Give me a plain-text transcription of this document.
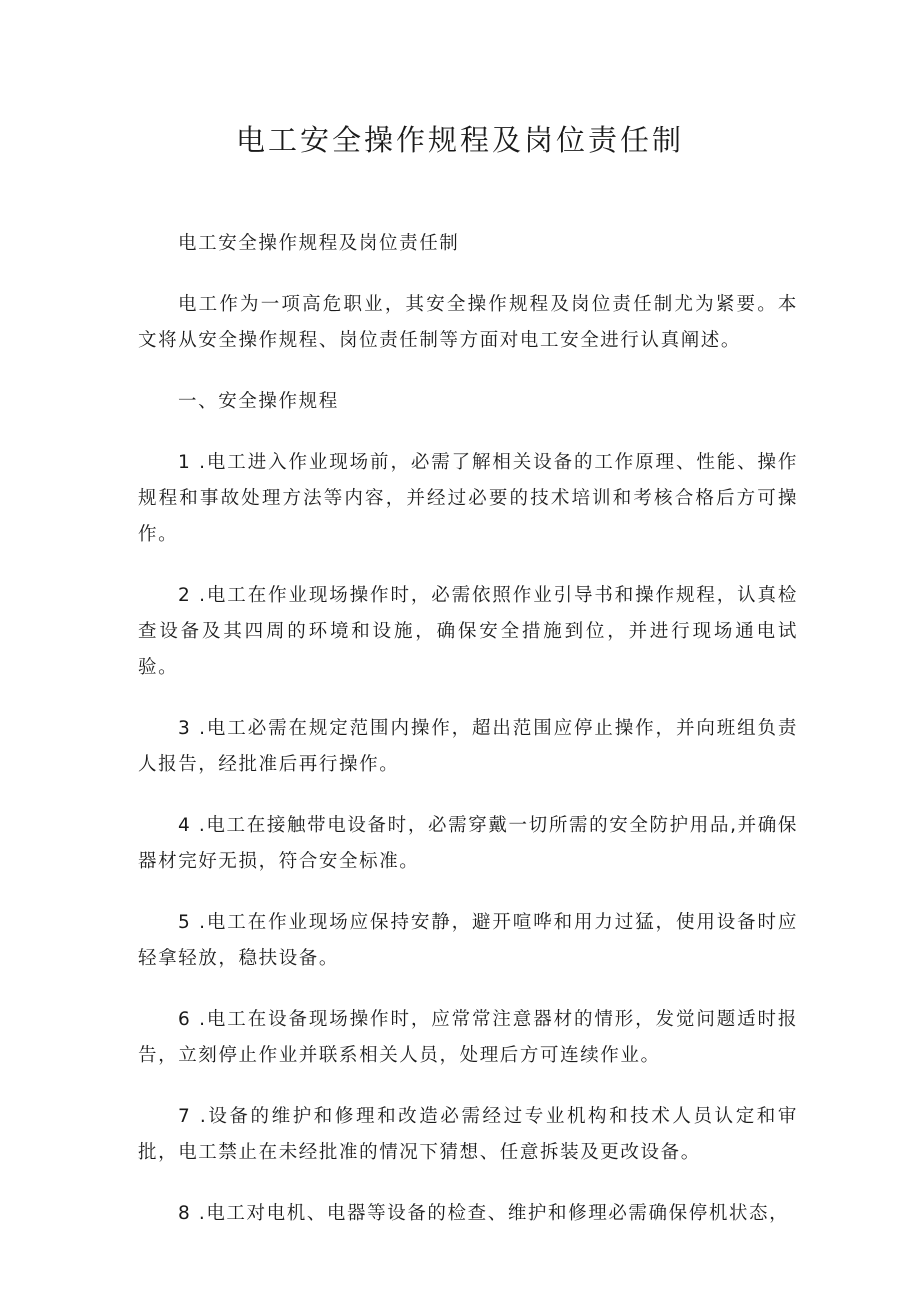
电工安全操作规程及岗位责任制

电工安全操作规程及岗位责任制

电工作为一项高危职业，其安全操作规程及岗位责任制尤为紧要。本文将从安全操作规程、岗位责任制等方面对电工安全进行认真阐述。

一、安全操作规程

1 .电工进入作业现场前，必需了解相关设备的工作原理、性能、操作规程和事故处理方法等内容，并经过必要的技术培训和考核合格后方可操作。

2 .电工在作业现场操作时，必需依照作业引导书和操作规程，认真检查设备及其四周的环境和设施，确保安全措施到位，并进行现场通电试验。

3 .电工必需在规定范围内操作，超出范围应停止操作，并向班组负责人报告，经批准后再行操作。

4 .电工在接触带电设备时，必需穿戴一切所需的安全防护用品,并确保器材完好无损，符合安全标准。

5 .电工在作业现场应保持安静，避开喧哗和用力过猛，使用设备时应轻拿轻放，稳扶设备。

6 .电工在设备现场操作时，应常常注意器材的情形，发觉问题适时报告，立刻停止作业并联系相关人员，处理后方可连续作业。

7 .设备的维护和修理和改造必需经过专业机构和技术人员认定和审批，电工禁止在未经批准的情况下猜想、任意拆装及更改设备。

8 .电工对电机、电器等设备的检查、维护和修理必需确保停机状态，
